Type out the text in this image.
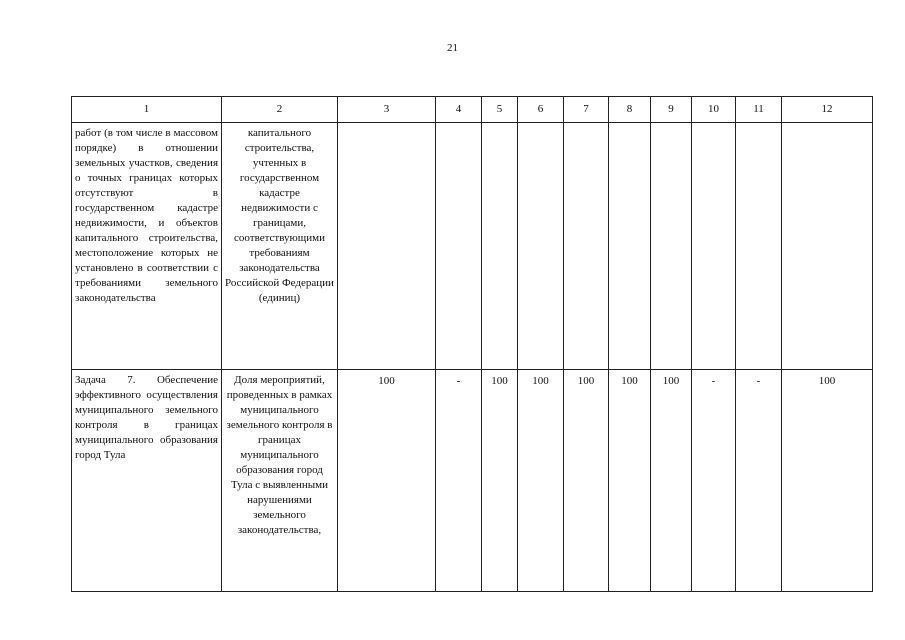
21
1	2	3	4	5	6	7	8	9	10	11	12
работ (в том числе в массовом порядке) в отношении земельных участков, сведения о точных границах которых отсутствуют в государственном кадастре недвижимости, и объектов капитального строительства, местоположение которых не установлено в соответствии с требованиями земельного законодательства	капитального строительства, учтенных в государственном кадастре недвижимости с границами, соответствующими требованиям законодательства Российской Федерации (единиц)										
Задача 7. Обеспечение эффективного осуществления муниципального земельного контроля в границах муниципального образования город Тула	Доля мероприятий, проведенных в рамках муниципального земельного контроля в границах муниципального образования город Тула с выявленными нарушениями земельного законодательства,	100	-	100	100	100	100	100	-	-	100
